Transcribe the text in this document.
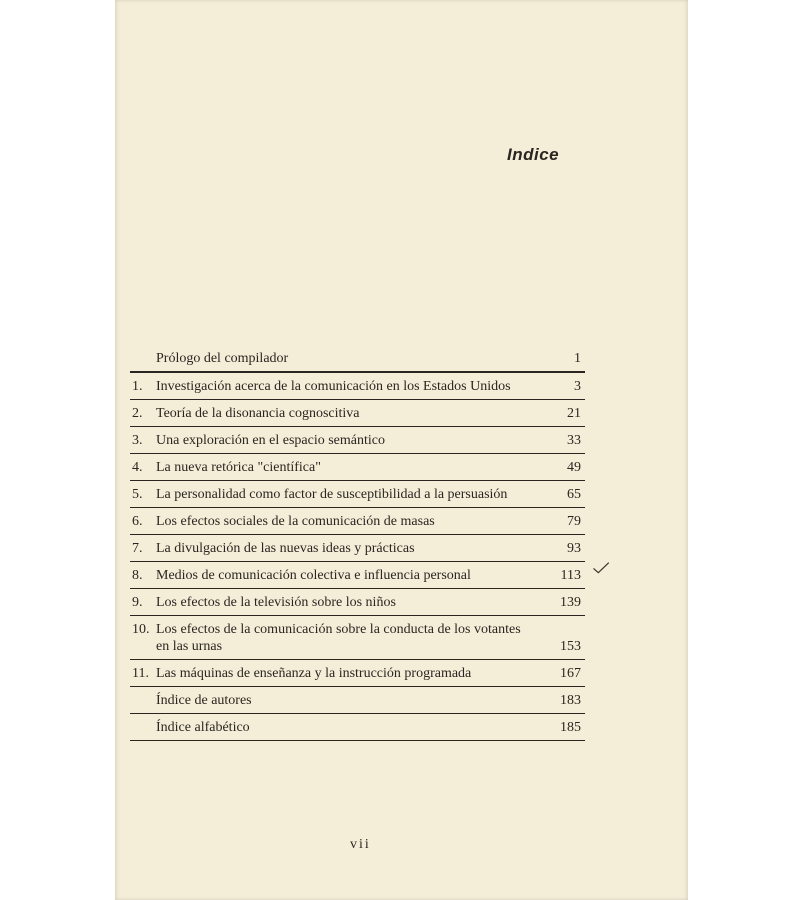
Indice
Prólogo del compilador	1
1. Investigación acerca de la comunicación en los Estados Unidos	3
2. Teoría de la disonancia cognoscitiva	21
3. Una exploración en el espacio semántico	33
4. La nueva retórica "científica"	49
5. La personalidad como factor de susceptibilidad a la persuasión	65
6. Los efectos sociales de la comunicación de masas	79
7. La divulgación de las nuevas ideas y prácticas	93
8. Medios de comunicación colectiva e influencia personal	113
9. Los efectos de la televisión sobre los niños	139
10. Los efectos de la comunicación sobre la conducta de los votantes en las urnas	153
11. Las máquinas de enseñanza y la instrucción programada	167
Índice de autores	183
Índice alfabético	185
vii
